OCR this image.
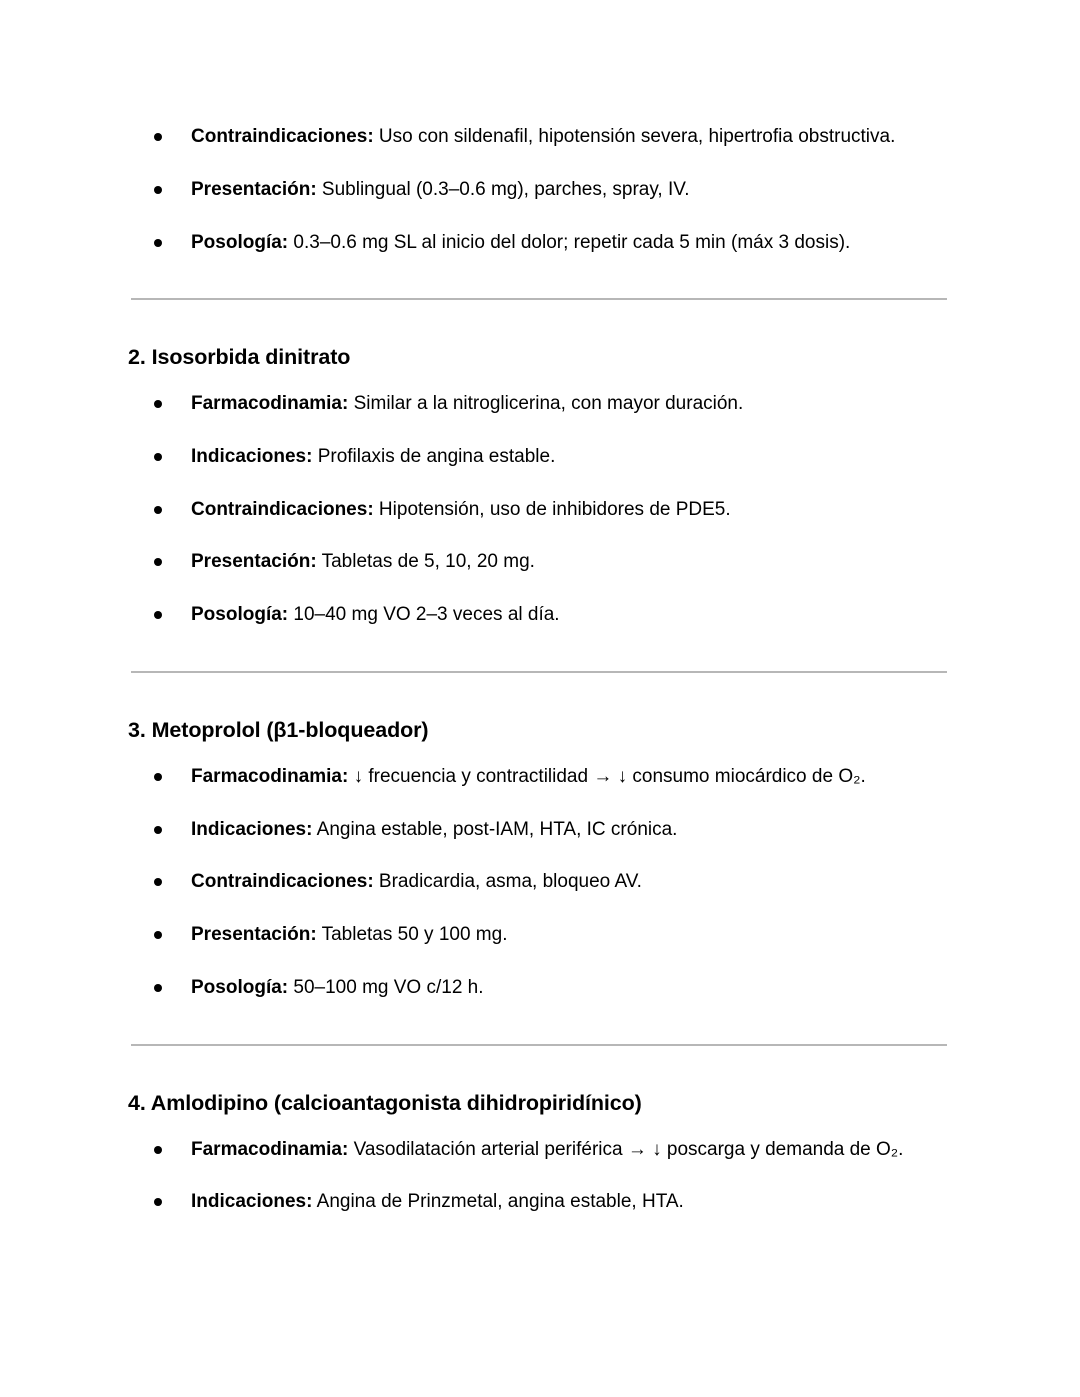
Contraindicaciones: Uso con sildenafil, hipotensión severa, hipertrofia obstructiva.
Presentación: Sublingual (0.3–0.6 mg), parches, spray, IV.
Posología: 0.3–0.6 mg SL al inicio del dolor; repetir cada 5 min (máx 3 dosis).
2. Isosorbida dinitrato
Farmacodinamia: Similar a la nitroglicerina, con mayor duración.
Indicaciones: Profilaxis de angina estable.
Contraindicaciones: Hipotensión, uso de inhibidores de PDE5.
Presentación: Tabletas de 5, 10, 20 mg.
Posología: 10–40 mg VO 2–3 veces al día.
3. Metoprolol (β1-bloqueador)
Farmacodinamia: ↓ frecuencia y contractilidad → ↓ consumo miocárdico de O₂.
Indicaciones: Angina estable, post-IAM, HTA, IC crónica.
Contraindicaciones: Bradicardia, asma, bloqueo AV.
Presentación: Tabletas 50 y 100 mg.
Posología: 50–100 mg VO c/12 h.
4. Amlodipino (calcioantagonista dihidropiridínico)
Farmacodinamia: Vasodilatación arterial periférica → ↓ poscarga y demanda de O₂.
Indicaciones: Angina de Prinzmetal, angina estable, HTA.
